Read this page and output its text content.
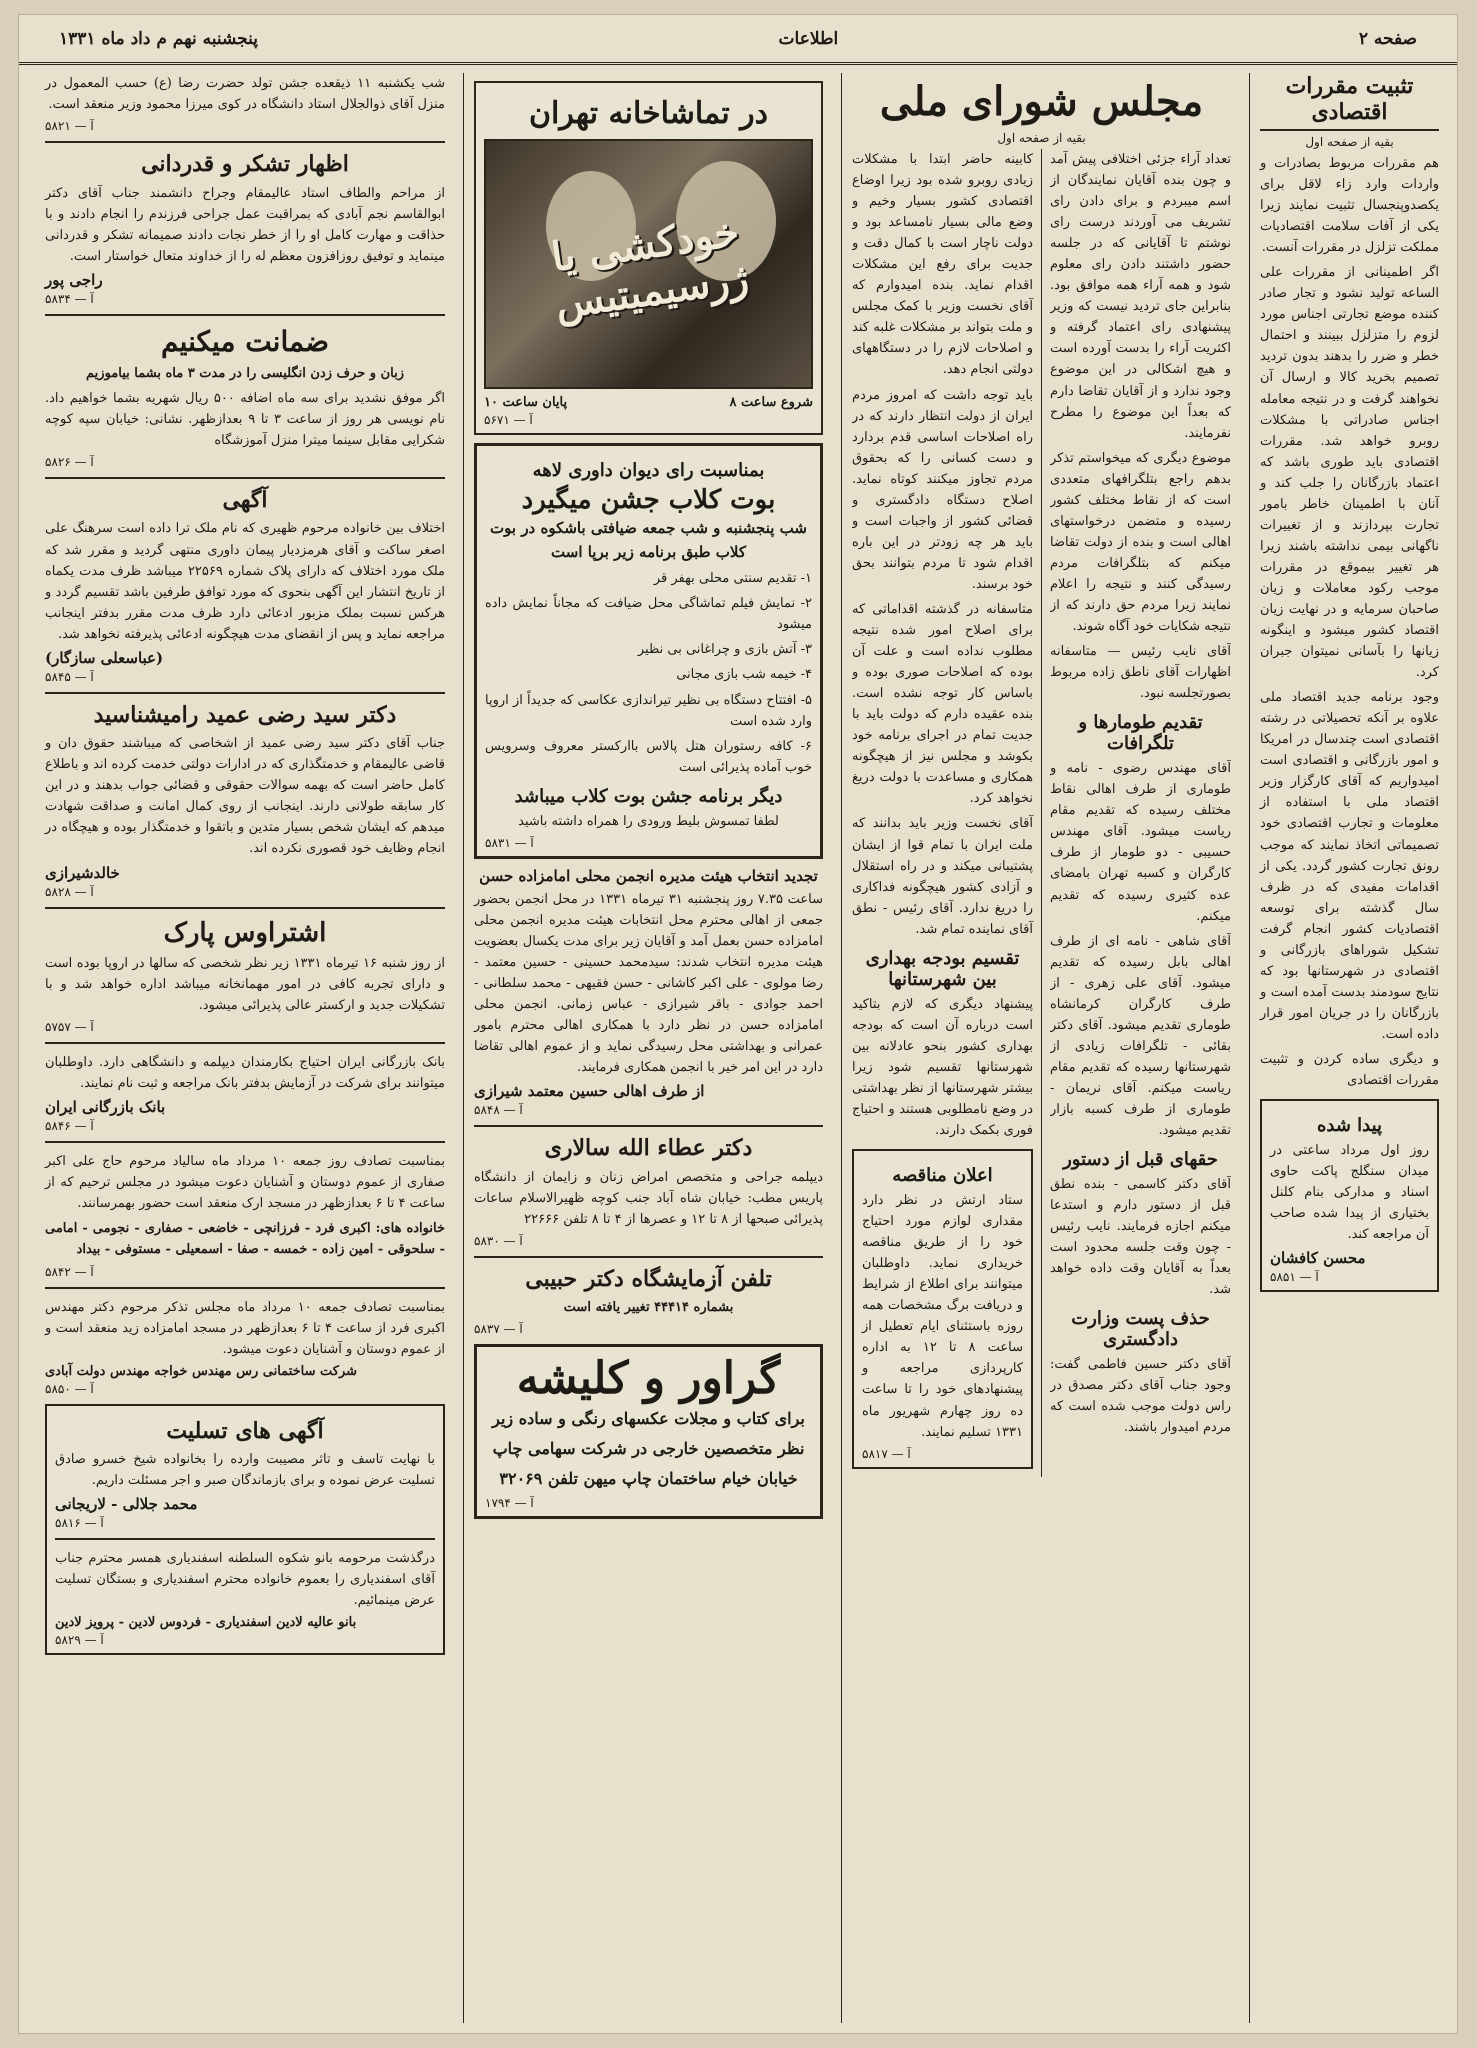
صفحه ۲
اطلاعات
پنجشنبه نهم م داد ماه ۱۳۳۱
تثبیت مقررات اقتصادی
بقیه از صفحه اول

هم مقررات مربوط بصادرات و واردات وارد زاء لاقل برای یکصدوپنجسال تثبیت نمایند زیرا یکی از آفات سلامت اقتصادیات مملکت تزلزل در مقررات آنست.

اگر اطمینانی از مقررات علی الساعه تولید نشود و تجار صادر کننده موضع تجارتی اجناس مورد لزوم را متزلزل ببینند و احتمال خطر و ضرر را بدهند بدون تردید تصمیم بخرید کالا و ارسال آن نخواهند گرفت و در نتیجه معامله اجناس صادراتی با مشکلات روبرو خواهد شد. مقررات اقتصادی باید طوری باشد که اعتماد بازرگانان را جلب کند و آنان با اطمینان خاطر بامور تجارت بپردازند و از تغییرات ناگهانی بیمی نداشته باشند زیرا هر تغییر بیموقع در مقررات موجب رکود معاملات و زیان صاحبان سرمایه و در نهایت زیان اقتصاد کشور میشود و اینگونه زیانها را بآسانی نمیتوان جبران کرد.

وجود برنامه جدید اقتصاد ملی علاوه بر آنکه تحصیلاتی در رشته اقتصادی است چندسال در امریکا و امور بازرگانی و اقتصادی است امیدواریم که آقای کارگزار وزیر اقتصاد ملی با استفاده از معلومات و تجارب اقتصادی خود تصمیماتی اتخاذ نمایند که موجب رونق تجارت کشور گردد. یکی از اقدامات مفیدی که در ظرف سال گذشته برای توسعه اقتصادیات کشور انجام گرفت تشکیل شوراهای بازرگانی و اقتصادی در شهرستانها بود که نتایج سودمند بدست آمده است و بازرگانان را در جریان امور قرار داده است.

و دیگری ساده کردن و تثبیت مقررات اقتصادی

پیدا شده

روز اول مرداد ساعتی در میدان سنگلج پاکت حاوی اسناد و مدارکی بنام کلنل بختیاری از پیدا شده صاحب آن مراجعه کند.

محسن کافشان
آ — ۵۸۵۱
مجلس شورای ملی
بقیه از صفحه اول

تعداد آراء جزئی اختلافی پیش آمد و چون بنده آقایان نمایندگان از اسم میبردم و برای دادن رای تشریف می آوردند درست رای نوشتم تا آقایانی که در جلسه حضور داشتند دادن رای معلوم شود و همه آراء همه موافق بود. بنابراین جای تردید نیست که وزیر پیشنهادی رای اعتماد گرفته و اکثریت آراء را بدست آورده است و هیچ اشکالی در این موضوع وجود ندارد و از آقایان تقاضا دارم که بعداً این موضوع را مطرح نفرمایند.

موضوع دیگری که میخواستم تذکر بدهم راجع بتلگرافهای متعددی است که از نقاط مختلف کشور رسیده و متضمن درخواستهای اهالی است و بنده از دولت تقاضا میکنم که بتلگرافات مردم رسیدگی کنند و نتیجه را اعلام نمایند زیرا مردم حق دارند که از نتیجه شکایات خود آگاه شوند.

آقای نایب رئیس — متاسفانه اظهارات آقای ناطق زاده مربوط بصورتجلسه نبود.

تقدیم طومارها و تلگرافات

آقای مهندس رضوی - نامه و طوماری از طرف اهالی نقاط مختلف رسیده که تقدیم مقام ریاست میشود. آقای مهندس حسیبی - دو طومار از طرف کارگران و کسبه تهران بامضای عده کثیری رسیده که تقدیم میکنم.

آقای شاهی - نامه ای از طرف اهالی بابل رسیده که تقدیم میشود. آقای علی زهری - از طرف کارگران کرمانشاه طوماری تقدیم میشود. آقای دکتر بقائی - تلگرافات زیادی از شهرستانها رسیده که تقدیم مقام ریاست میکنم. آقای نریمان - طوماری از طرف کسبه بازار تقدیم میشود.

حقهای قبل از دستور

آقای دکتر کاسمی - بنده نطق قبل از دستور دارم و استدعا میکنم اجازه فرمایند. نایب رئیس - چون وقت جلسه محدود است بعداً به آقایان وقت داده خواهد شد.

حذف پست وزارت دادگستری

آقای دکتر حسین فاطمی گفت: وجود جناب آقای دکتر مصدق در راس دولت موجب شده است که مردم امیدوار باشند.

کابینه حاضر ابتدا با مشکلات زیادی روبرو شده بود زیرا اوضاع اقتصادی کشور بسیار وخیم و وضع مالی بسیار نامساعد بود و دولت ناچار است با کمال دقت و جدیت برای رفع این مشکلات اقدام نماید. بنده امیدوارم که آقای نخست وزیر با کمک مجلس و ملت بتواند بر مشکلات غلبه کند و اصلاحات لازم را در دستگاههای دولتی انجام دهد.

باید توجه داشت که امروز مردم ایران از دولت انتظار دارند که در راه اصلاحات اساسی قدم بردارد و دست کسانی را که بحقوق مردم تجاوز میکنند کوتاه نماید. اصلاح دستگاه دادگستری و قضائی کشور از واجبات است و باید هر چه زودتر در این باره اقدام شود تا مردم بتوانند بحق خود برسند.

متاسفانه در گذشته اقداماتی که برای اصلاح امور شده نتیجه مطلوب نداده است و علت آن بوده که اصلاحات صوری بوده و باساس کار توجه نشده است. بنده عقیده دارم که دولت باید با جدیت تمام در اجرای برنامه خود بکوشد و مجلس نیز از هیچگونه همکاری و مساعدت با دولت دریغ نخواهد کرد.

آقای نخست وزیر باید بدانند که ملت ایران با تمام قوا از ایشان پشتیبانی میکند و در راه استقلال و آزادی کشور هیچگونه فداکاری را دریغ ندارد. آقای رئیس - نطق آقای نماینده تمام شد.

تقسیم بودجه بهداری بین شهرستانها

پیشنهاد دیگری که لازم بتاکید است درباره آن است که بودجه بهداری کشور بنحو عادلانه بین شهرستانها تقسیم شود زیرا بیشتر شهرستانها از نظر بهداشتی در وضع نامطلوبی هستند و احتیاج فوری بکمک دارند.

اعلان مناقصه

ستاد ارتش در نظر دارد مقداری لوازم مورد احتیاج خود را از طریق مناقصه خریداری نماید. داوطلبان میتوانند برای اطلاع از شرایط و دریافت برگ مشخصات همه روزه باستثنای ایام تعطیل از ساعت ۸ تا ۱۲ به اداره کارپردازی مراجعه و پیشنهادهای خود را تا ساعت ده روز چهارم شهریور ماه ۱۳۳۱ تسلیم نمایند.

آ — ۵۸۱۷
در تماشاخانه تهران
خودکشی یا ژرسیمیتیس
شروع ساعت ۸
پایان ساعت ۱۰
آ — ۵۶۷۱
بمناسبت رای دیوان داوری لاهه
بوت کلاب جشن میگیرد

شب پنجشنبه و شب جمعه ضیافتی باشکوه در بوت کلاب طبق برنامه زیر برپا است

۱- تقدیم سنتی محلی بهفر قر

۲- نمایش فیلم تماشاگی محل ضیافت که مجاناً نمایش داده میشود

۳- آتش بازی و چراغانی بی نظیر

۴- خیمه شب بازی مجانی

۵- افتتاح دستگاه بی نظیر تیراندازی عکاسی که جدیداً از اروپا وارد شده است

۶- کافه رستوران هتل پالاس باارکستر معروف وسرویس خوب آماده پذیرائی است

دیگر برنامه جشن بوت کلاب میباشد

لطفا تمسوش بلیط ورودی را همراه داشته باشید

آ — ۵۸۳۱
تجدید انتخاب هیئت مدیره انجمن محلی امامزاده حسن

ساعت ۷.۳۵ روز پنجشنبه ۳۱ تیرماه ۱۳۳۱ در محل انجمن بحضور جمعی از اهالی محترم محل انتخابات هیئت مدیره انجمن محلی امامزاده حسن بعمل آمد و آقایان زیر برای مدت یکسال بعضویت هیئت مدیره انتخاب شدند: سیدمحمد حسینی - حسین معتمد - رضا مولوی - علی اکبر کاشانی - حسن فقیهی - محمد سلطانی - احمد جوادی - باقر شیرازی - عباس زمانی. انجمن محلی امامزاده حسن در نظر دارد با همکاری اهالی محترم بامور عمرانی و بهداشتی محل رسیدگی نماید و از عموم اهالی تقاضا دارد در این امر خیر با انجمن همکاری فرمایند.

از طرف اهالی حسین معتمد شیرازی
آ — ۵۸۴۸
دکتر عطاء الله سالاری

دیپلمه جراحی و متخصص امراض زنان و زایمان از دانشگاه پاریس مطب: خیابان شاه آباد جنب کوچه ظهیرالاسلام ساعات پذیرائی صبحها از ۸ تا ۱۲ و عصرها از ۴ تا ۸ تلفن ۲۲۶۶۶

آ — ۵۸۳۰
تلفن آزمایشگاه دکتر حبیبی

بشماره ۴۴۴۱۴ تغییر یافته است

آ — ۵۸۳۷
گراور و کلیشه

برای کتاب و مجلات عکسهای رنگی و ساده زیر

نظر متخصصین خارجی در شرکت سهامی چاپ

خیابان خیام ساختمان چاپ میهن تلفن ۳۲۰۶۹

آ — ۱۷۹۴

شب یکشنبه ۱۱ ذیقعده جشن تولد حضرت رضا (ع) حسب المعمول در منزل آقای ذوالجلال استاد دانشگاه در کوی میرزا محمود وزیر منعقد است.

آ — ۵۸۲۱
اظهار تشکر و قدردانی

از مراحم والطاف استاد عالیمقام وجراح دانشمند جناب آقای دکتر ابوالقاسم نجم آبادی که بمراقبت عمل جراحی فرزندم را انجام دادند و با حذاقت و مهارت کامل او را از خطر نجات دادند صمیمانه تشکر و قدردانی مینماید و توفیق روزافزون معظم له را از خداوند متعال خواستار است.

راجی پور
آ — ۵۸۳۴
ضمانت میکنیم

زبان و حرف زدن انگلیسی را در مدت ۳ ماه بشما بیاموزیم

اگر موفق نشدید برای سه ماه اضافه ۵۰۰ ریال شهریه بشما خواهیم داد. نام نویسی هر روز از ساعت ۳ تا ۹ بعدازظهر. نشانی: خیابان سپه کوچه شکرایی مقابل سینما میترا منزل آموزشگاه

آ — ۵۸۲۶
آگهی

اختلاف بین خانواده مرحوم ظهیری که نام ملک ترا داده است سرهنگ علی اصغر ساکت و آقای هرمزدیار پیمان داوری منتهی گردید و مقرر شد که ملک مورد اختلاف که دارای پلاک شماره ۲۲۵۶۹ میباشد ظرف مدت یکماه از تاریخ انتشار این آگهی بنحوی که مورد توافق طرفین باشد تقسیم گردد و هرکس نسبت بملک مزبور ادعائی دارد ظرف مدت مقرر بدفتر اینجانب مراجعه نماید و پس از انقضای مدت هیچگونه ادعائی پذیرفته نخواهد شد.

(عباسعلی سازگار)
آ — ۵۸۴۵
دکتر سید رضی عمید رامیشناسید

جناب آقای دکتر سید رضی عمید از اشخاصی که میباشند حقوق دان و قاضی عالیمقام و خدمتگذاری که در ادارات دولتی خدمت کرده اند و باطلاع کامل حاضر است که بهمه سوالات حقوقی و قضائی جواب بدهند و در این کار سابقه طولانی دارند. اینجانب از روی کمال امانت و صداقت شهادت میدهم که ایشان شخص بسیار متدین و باتقوا و خدمتگذار بوده و هیچگاه در انجام وظایف خود قصوری نکرده اند.

خالدشیرازی
آ — ۵۸۲۸
اشتراوس پارک

از روز شنبه ۱۶ تیرماه ۱۳۳۱ زیر نظر شخصی که سالها در اروپا بوده است و دارای تجربه کافی در امور مهمانخانه میباشد اداره خواهد شد و با تشکیلات جدید و ارکستر عالی پذیرائی میشود.

آ — ۵۷۵۷

بانک بازرگانی ایران احتیاج بکارمندان دیپلمه و دانشگاهی دارد. داوطلبان میتوانند برای شرکت در آزمایش بدفتر بانک مراجعه و ثبت نام نمایند.

بانک بازرگانی ایران
آ — ۵۸۴۶

بمناسبت تصادف روز جمعه ۱۰ مرداد ماه سالیاد مرحوم حاج علی اکبر صفاری از عموم دوستان و آشنایان دعوت میشود در مجلس ترحیم که از ساعت ۴ تا ۶ بعدازظهر در مسجد ارک منعقد است حضور بهمرسانند.

خانواده های: اکبری فرد - فرزانچی - خاضعی - صفاری - نجومی - امامی - سلحوقی - امین زاده - خمسه - صفا - اسمعیلی - مستوفی - بیداد

آ — ۵۸۴۲

بمناسبت تصادف جمعه ۱۰ مرداد ماه مجلس تذکر مرحوم دکتر مهندس اکبری فرد از ساعت ۴ تا ۶ بعدازظهر در مسجد امامزاده زید منعقد است و از عموم دوستان و آشنایان دعوت میشود.

شرکت ساختمانی رس مهندس خواجه مهندس دولت آبادی
آ — ۵۸۵۰
آگهی های تسلیت

با نهایت تاسف و تاثر مصیبت وارده را بخانواده شیخ خسرو صادق تسلیت عرض نموده و برای بازماندگان صبر و اجر مسئلت داریم.

محمد جلالی - لاریجانی
آ — ۵۸۱۶

درگذشت مرحومه بانو شکوه السلطنه اسفندیاری همسر محترم جناب آقای اسفندیاری را بعموم خانواده محترم اسفندیاری و بستگان تسلیت عرض مینمائیم.

بانو عالیه لادین اسفندیاری - فردوس لادین - پرویز لادین
آ — ۵۸۲۹
